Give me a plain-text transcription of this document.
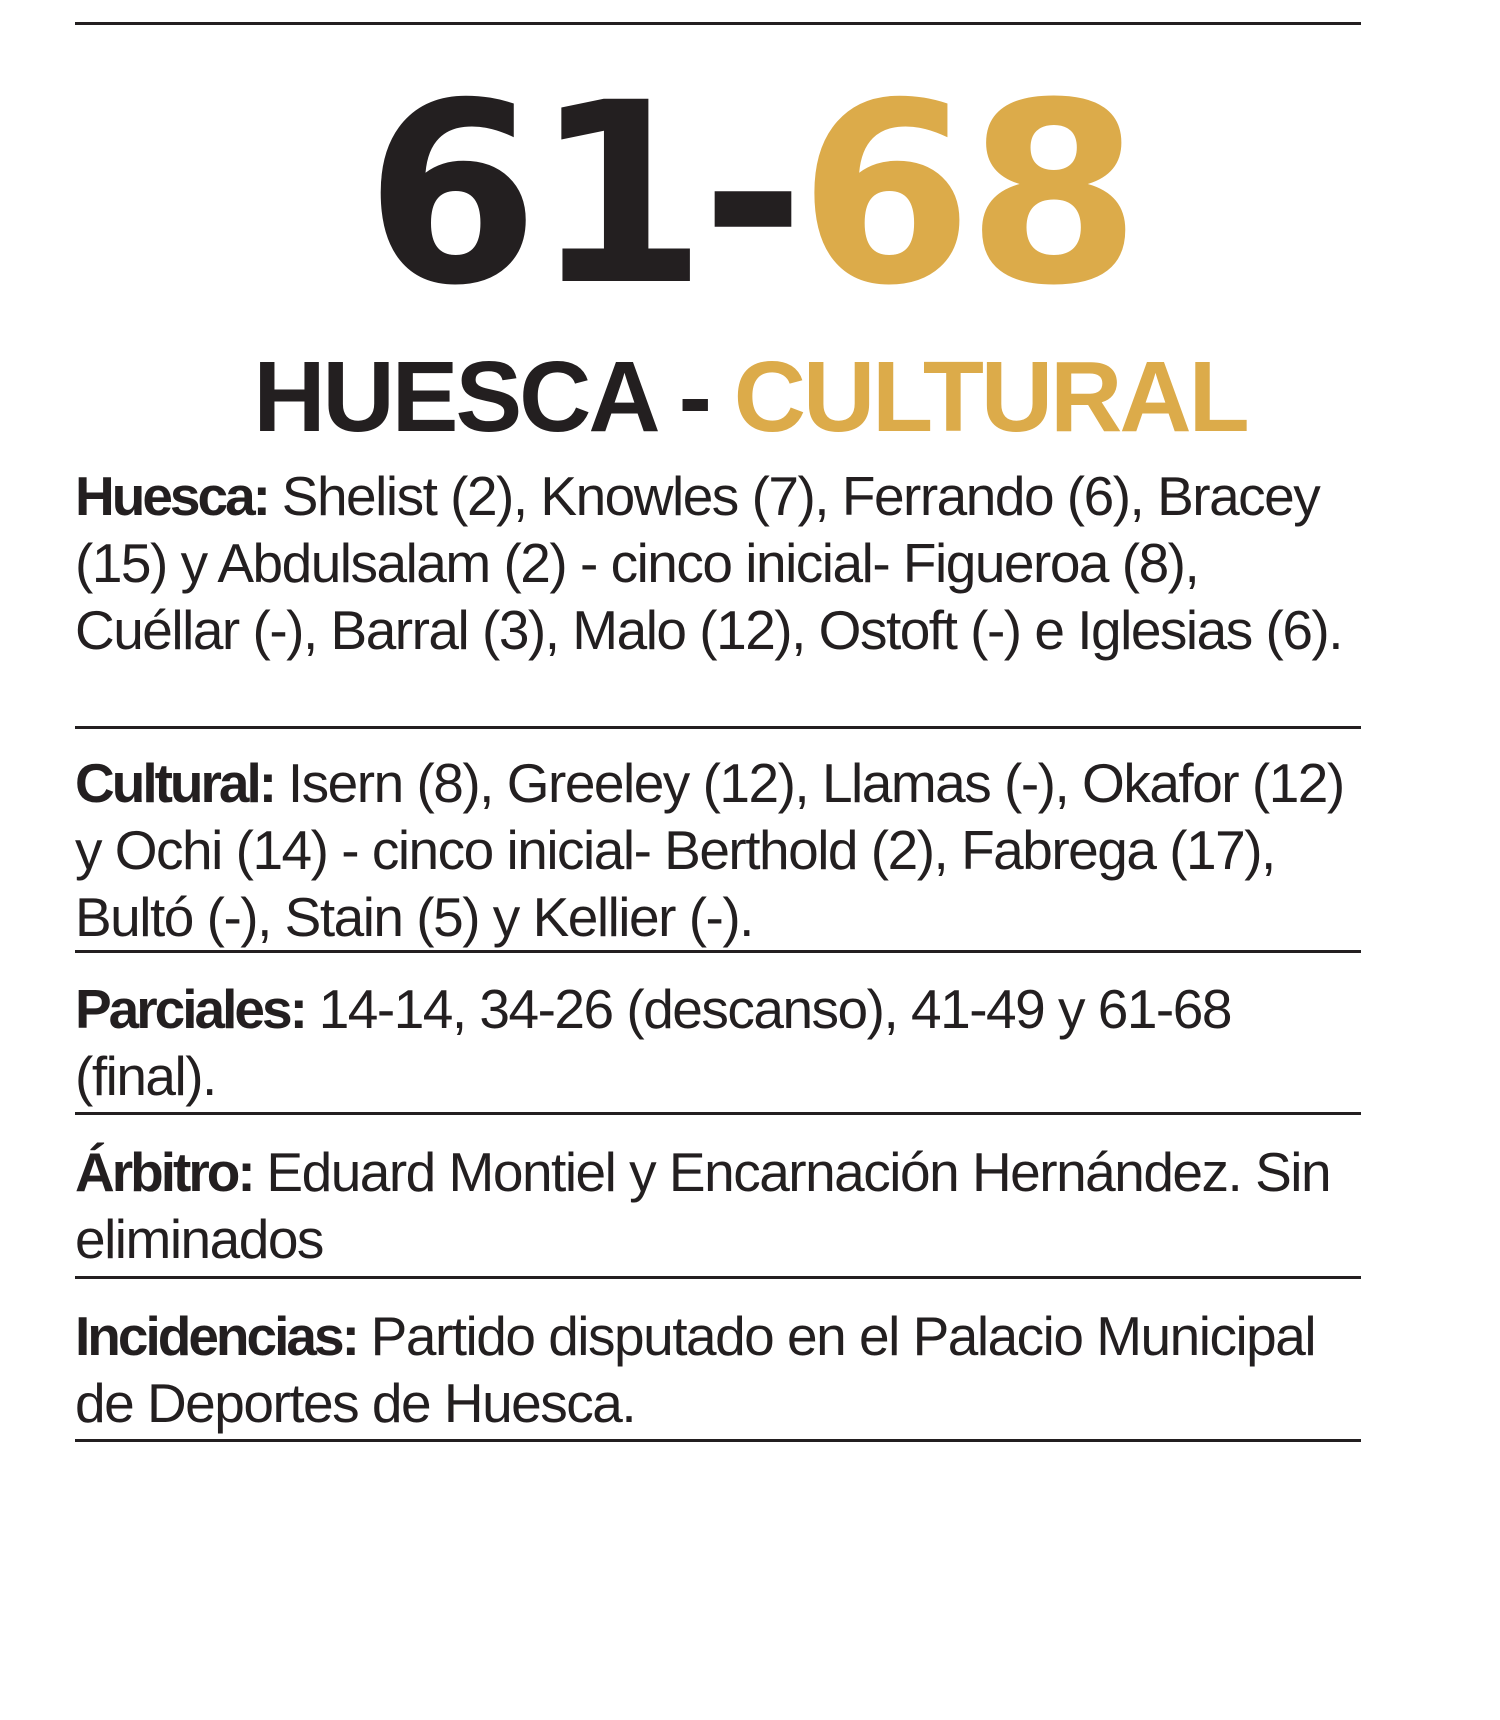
61-68
HUESCA - CULTURAL
Huesca: Shelist (2), Knowles (7), Ferrando (6), Bracey (15) y Abdulsalam (2) - cinco inicial- Figueroa (8), Cuéllar (-), Barral (3), Malo (12), Ostoft (-) e Iglesias (6).
Cultural: Isern (8), Greeley (12), Llamas (-), Okafor (12) y Ochi (14) - cinco inicial- Berthold (2), Fabrega (17), Bultó (-), Stain (5) y Kellier (-).
Parciales: 14-14, 34-26 (descanso), 41-49 y 61-68 (final).
Árbitro: Eduard Montiel y Encarnación Hernández. Sin eliminados
Incidencias: Partido disputado en el Palacio Municipal de Deportes de Huesca.
